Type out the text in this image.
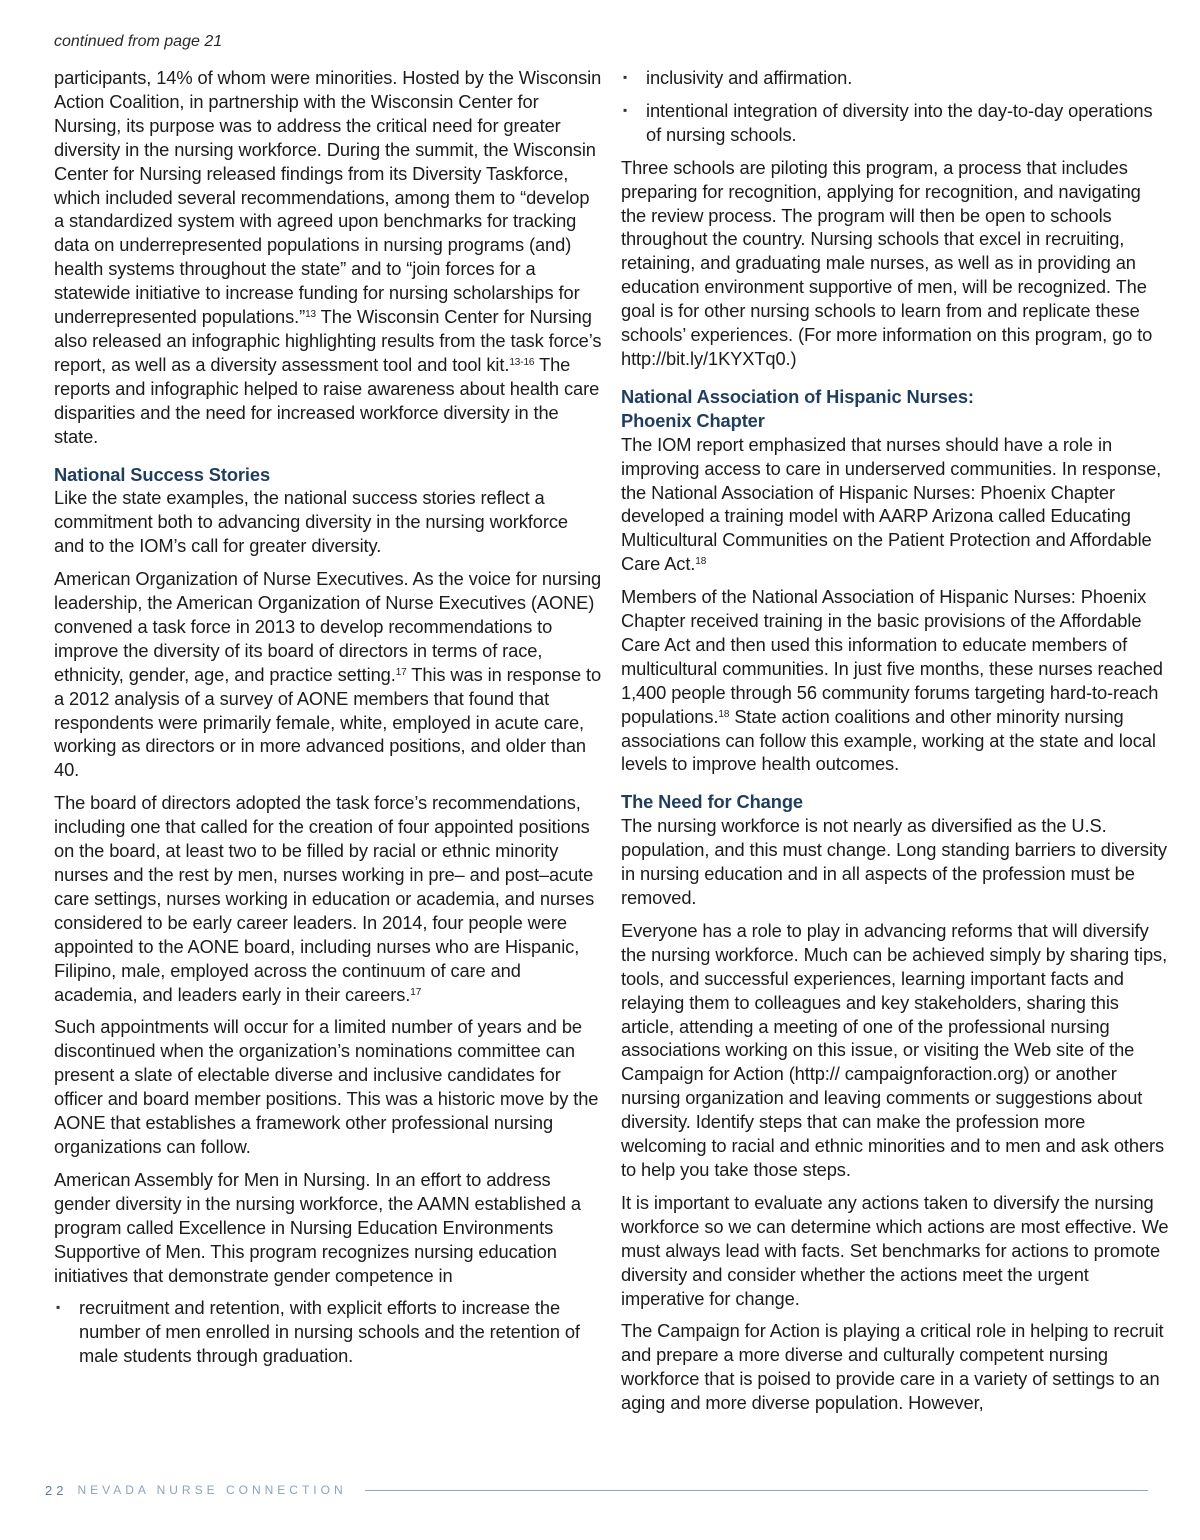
continued from page 21

participants, 14% of whom were minorities. Hosted by the Wisconsin Action Coalition, in partnership with the Wisconsin Center for Nursing, its purpose was to address the critical need for greater diversity in the nursing workforce. During the summit, the Wisconsin Center for Nursing released findings from its Diversity Taskforce, which included several recommendations, among them to “develop a standardized system with agreed upon benchmarks for tracking data on underrepresented populations in nursing programs (and) health systems throughout the state” and to “join forces for a statewide initiative to increase funding for nursing scholarships for underrepresented populations.”$^{13}$ The Wisconsin Center for Nursing also released an infographic highlighting results from the task force’s report, as well as a diversity assessment tool and tool kit.$^{13-16}$ The reports and infographic helped to raise awareness about health care disparities and the need for increased workforce diversity in the state.

National Success Stories

Like the state examples, the national success stories reflect a commitment both to advancing diversity in the nursing workforce and to the IOM’s call for greater diversity.

American Organization of Nurse Executives. As the voice for nursing leadership, the American Organization of Nurse Executives (AONE) convened a task force in 2013 to develop recommendations to improve the diversity of its board of directors in terms of race, ethnicity, gender, age, and practice setting.$^{17}$ This was in response to a 2012 analysis of a survey of AONE members that found that respondents were primarily female, white, employed in acute care, working as directors or in more advanced positions, and older than 40.

The board of directors adopted the task force’s recommendations, including one that called for the creation of four appointed positions on the board, at least two to be filled by racial or ethnic minority nurses and the rest by men, nurses working in pre– and post–acute care settings, nurses working in education or academia, and nurses considered to be early career leaders. In 2014, four people were appointed to the AONE board, including nurses who are Hispanic, Filipino, male, employed across the continuum of care and academia, and leaders early in their careers.$^{17}$

Such appointments will occur for a limited number of years and be discontinued when the organization’s nominations committee can present a slate of electable diverse and inclusive candidates for officer and board member positions. This was a historic move by the AONE that establishes a framework other professional nursing organizations can follow.

American Assembly for Men in Nursing. In an effort to address gender diversity in the nursing workforce, the AAMN established a program called Excellence in Nursing Education Environments Supportive of Men. This program recognizes nursing education initiatives that demonstrate gender competence in

▪ recruitment and retention, with explicit efforts to increase the number of men enrolled in nursing schools and the retention of male students through graduation.
▪ inclusivity and affirmation.
▪ intentional integration of diversity into the day-to-day operations of nursing schools.

Three schools are piloting this program, a process that includes preparing for recognition, applying for recognition, and navigating the review process. The program will then be open to schools throughout the country. Nursing schools that excel in recruiting, retaining, and graduating male nurses, as well as in providing an education environment supportive of men, will be recognized. The goal is for other nursing schools to learn from and replicate these schools’ experiences. (For more information on this program, go to http://bit.ly/1KYXTq0.)

National Association of Hispanic Nurses:
Phoenix Chapter

The IOM report emphasized that nurses should have a role in improving access to care in underserved communities. In response, the National Association of Hispanic Nurses: Phoenix Chapter developed a training model with AARP Arizona called Educating Multicultural Communities on the Patient Protection and Affordable Care Act.$^{18}$

Members of the National Association of Hispanic Nurses: Phoenix Chapter received training in the basic provisions of the Affordable Care Act and then used this information to educate members of multicultural communities. In just five months, these nurses reached 1,400 people through 56 community forums targeting hard-to-reach populations.$^{18}$ State action coalitions and other minority nursing associations can follow this example, working at the state and local levels to improve health outcomes.

The Need for Change

The nursing workforce is not nearly as diversified as the U.S. population, and this must change. Long standing barriers to diversity in nursing education and in all aspects of the profession must be removed.

Everyone has a role to play in advancing reforms that will diversify the nursing workforce. Much can be achieved simply by sharing tips, tools, and successful experiences, learning important facts and relaying them to colleagues and key stakeholders, sharing this article, attending a meeting of one of the professional nursing associations working on this issue, or visiting the Web site of the Campaign for Action (http:// campaignforaction.org) or another nursing organization and leaving comments or suggestions about diversity. Identify steps that can make the profession more welcoming to racial and ethnic minorities and to men and ask others to help you take those steps.

It is important to evaluate any actions taken to diversify the nursing workforce so we can determine which actions are most effective. We must always lead with facts. Set benchmarks for actions to promote diversity and consider whether the actions meet the urgent imperative for change.

The Campaign for Action is playing a critical role in helping to recruit and prepare a more diverse and culturally competent nursing workforce that is poised to provide care in a variety of settings to an aging and more diverse population. However,

22 NEVADA NURSE CONNECTION
